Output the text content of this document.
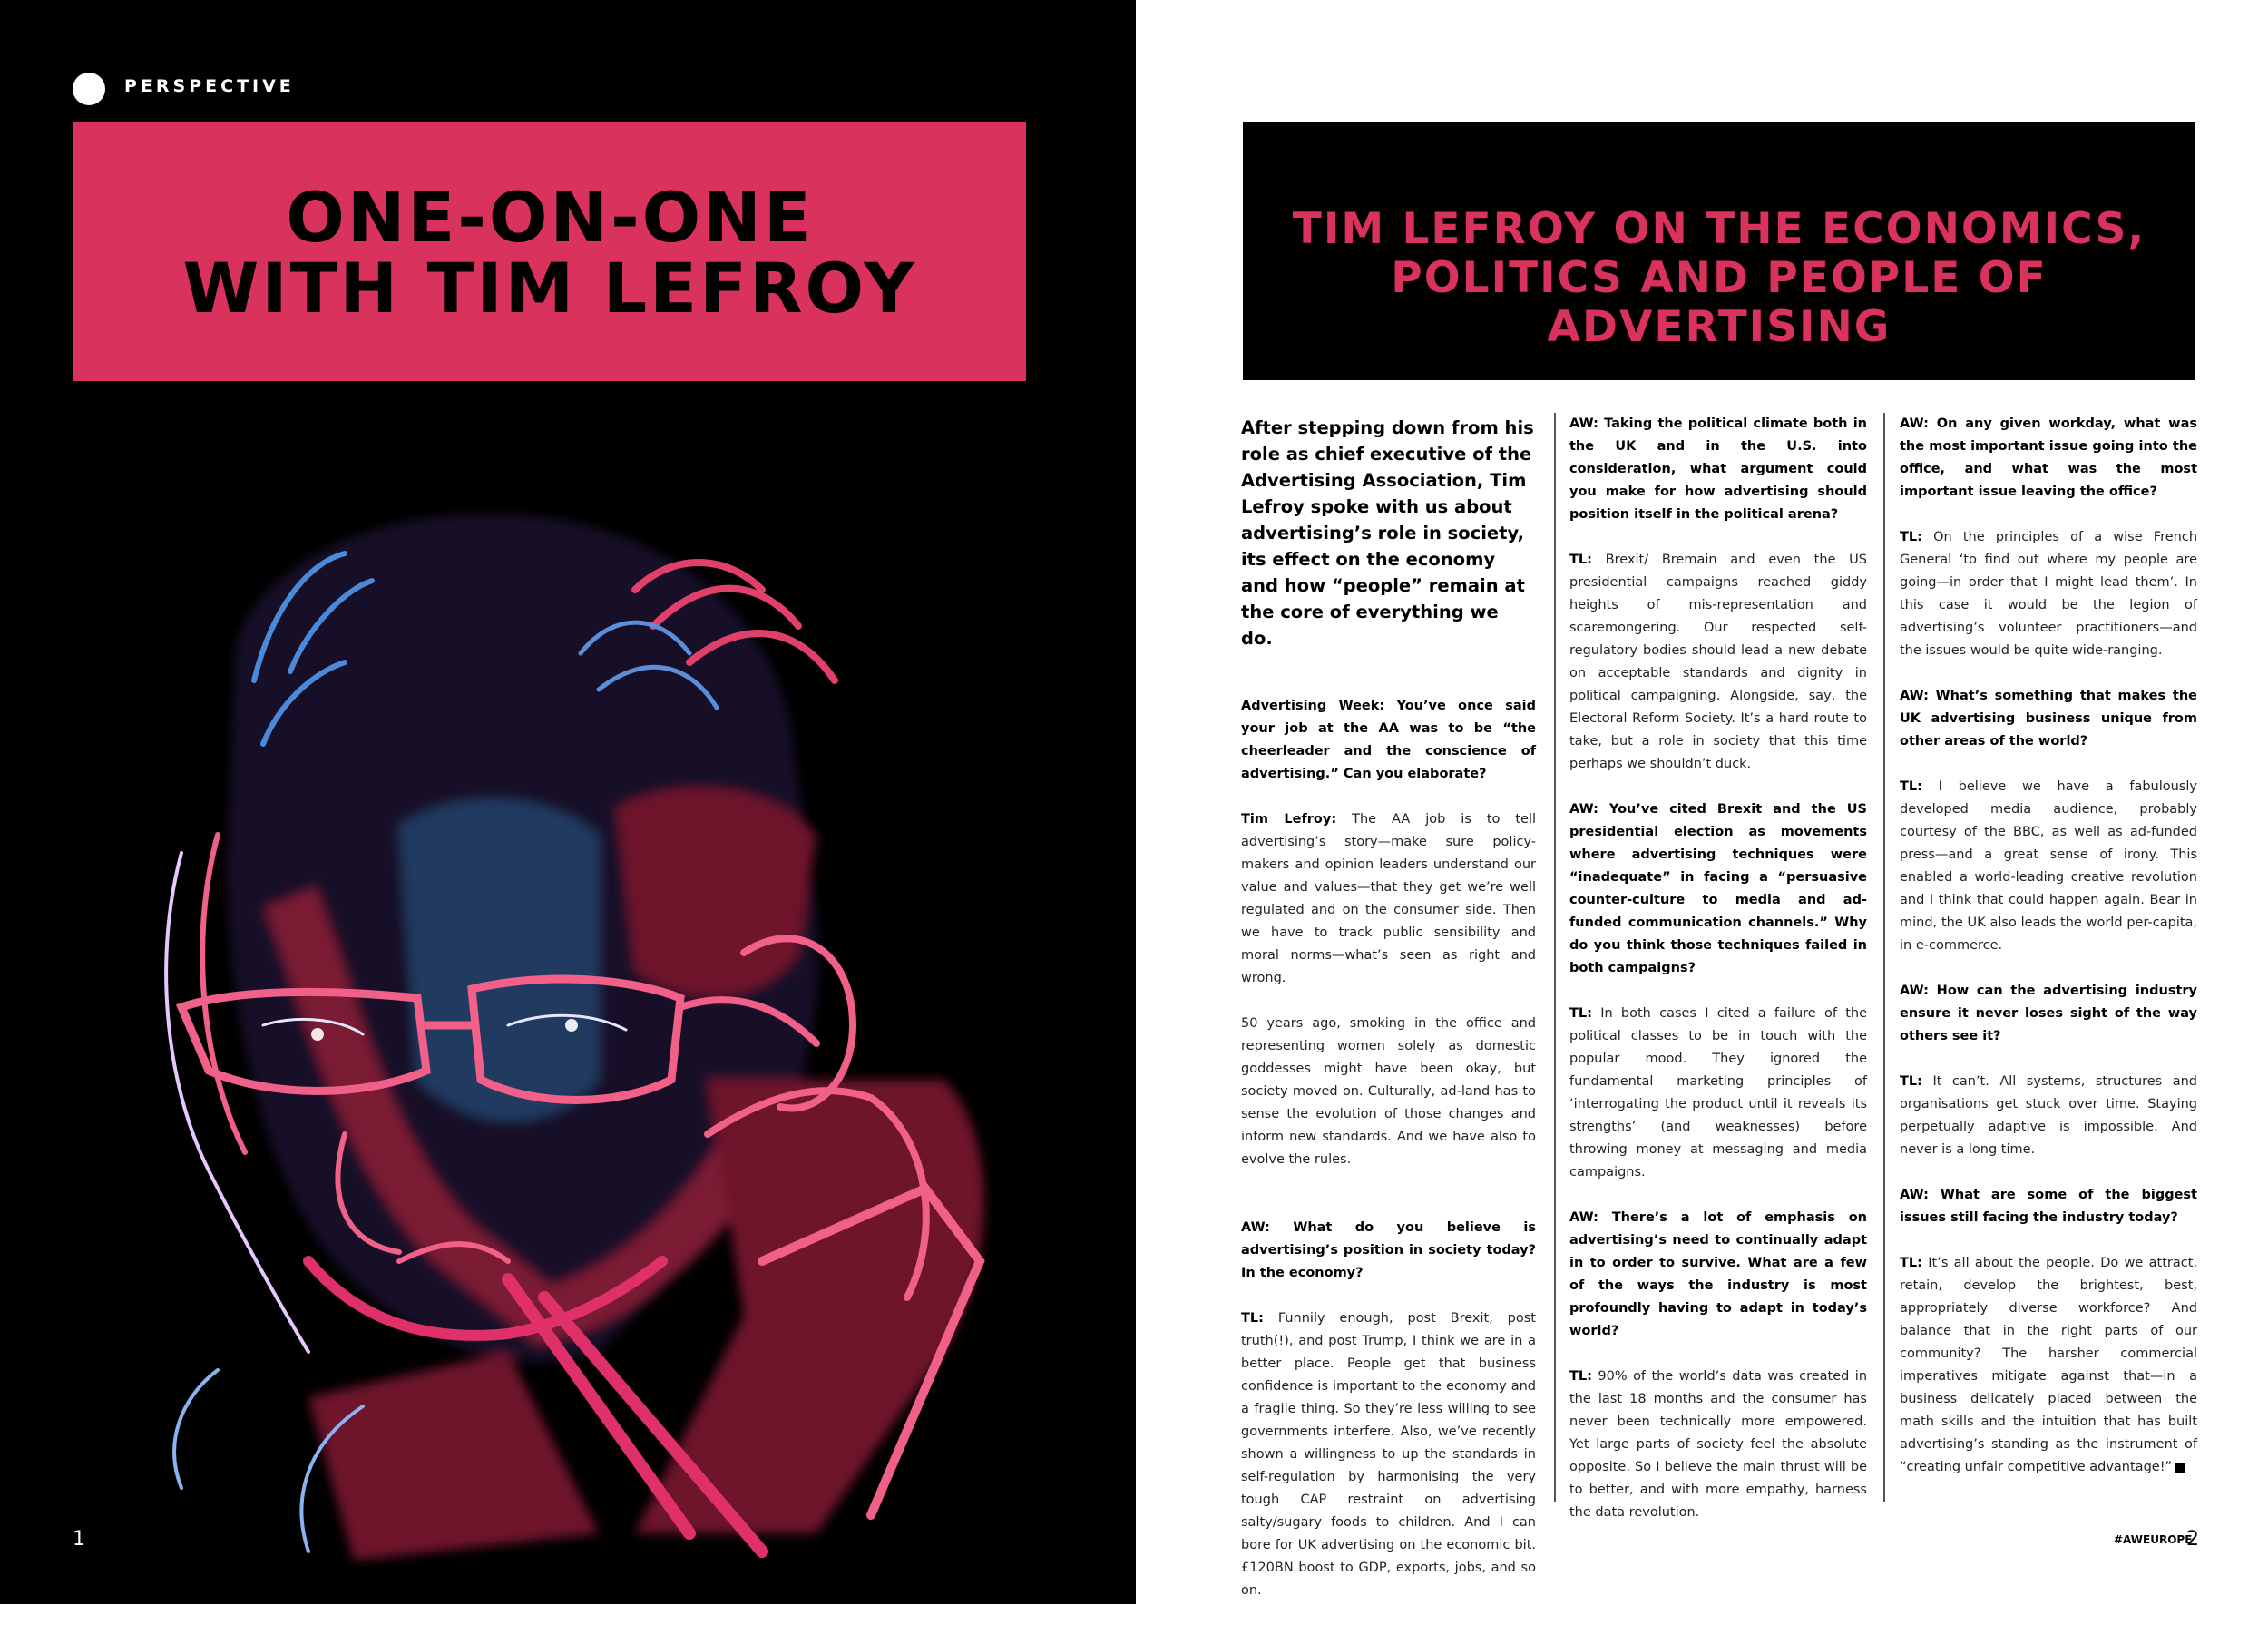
PERSPECTIVE
ONE-ON-ONE
WITH TIM LEFROY
1
TIM LEFROY ON THE ECONOMICS,
POLITICS AND PEOPLE OF ADVERTISING
After stepping down from his role as chief executive of the Advertising Association, Tim Lefroy spoke with us about advertising’s role in society, its effect on the economy and how “people” remain at the core of everything we do.

Advertising Week: You’ve once said your job at the AA was to be “the cheerleader and the conscience of advertising.” Can you elaborate?

Tim Lefroy: The AA job is to tell advertising’s story—make sure policy-makers and opinion leaders understand our value and values—that they get we’re well regulated and on the consumer side. Then we have to track public sensibility and moral norms—what’s seen as right and wrong.

50 years ago, smoking in the office and representing women solely as domestic goddesses might have been okay, but society moved on. Culturally, ad-land has to sense the evolution of those changes and inform new standards. And we have also to evolve the rules.

AW: What do you believe is advertising’s position in society today? In the economy?

TL: Funnily enough, post Brexit, post truth(!), and post Trump, I think we are in a better place. People get that business confidence is important to the economy and a fragile thing. So they’re less willing to see governments interfere. Also, we’ve recently shown a willingness to up the standards in self-regulation by harmonising the very tough CAP restraint on advertising salty/sugary foods to children. And I can bore for UK advertising on the economic bit. £120BN boost to GDP, exports, jobs, and so on.

AW: Taking the political climate both in the UK and in the U.S. into consideration, what argument could you make for how advertising should position itself in the political arena?

TL: Brexit/ Bremain and even the US presidential campaigns reached giddy heights of mis-representation and scaremongering. Our respected self-regulatory bodies should lead a new debate on acceptable standards and dignity in political campaigning. Alongside, say, the Electoral Reform Society. It’s a hard route to take, but a role in society that this time perhaps we shouldn’t duck.

AW: You’ve cited Brexit and the US presidential election as movements where advertising techniques were “inadequate” in facing a “persuasive counter-culture to media and ad-funded communication channels.” Why do you think those techniques failed in both campaigns?

TL: In both cases I cited a failure of the political classes to be in touch with the popular mood. They ignored the fundamental marketing principles of ‘interrogating the product until it reveals its strengths’ (and weaknesses) before throwing money at messaging and media campaigns.

AW: There’s a lot of emphasis on advertising’s need to continually adapt in to order to survive. What are a few of the ways the industry is most profoundly having to adapt in today’s world?

TL: 90% of the world’s data was created in the last 18 months and the consumer has never been technically more empowered. Yet large parts of society feel the absolute opposite. So I believe the main thrust will be to better, and with more empathy, harness the data revolution.

AW: On any given workday, what was the most important issue going into the office, and what was the most important issue leaving the office?

TL: On the principles of a wise French General ‘to find out where my people are going—in order that I might lead them’. In this case it would be the legion of advertising’s volunteer practitioners—and the issues would be quite wide-ranging.

AW: What’s something that makes the UK advertising business unique from other areas of the world?

TL: I believe we have a fabulously developed media audience, probably courtesy of the BBC, as well as ad-funded press—and a great sense of irony. This enabled a world-leading creative revolution and I think that could happen again. Bear in mind, the UK also leads the world per-capita, in e-commerce.

AW: How can the advertising industry ensure it never loses sight of the way others see it?

TL: It can’t. All systems, structures and organisations get stuck over time. Staying perpetually adaptive is impossible. And never is a long time.

AW: What are some of the biggest issues still facing the industry today?

TL: It’s all about the people. Do we attract, retain, develop the brightest, best, appropriately diverse workforce? And balance that in the right parts of our community? The harsher commercial imperatives mitigate against that—in a business delicately placed between the math skills and the intuition that has built advertising’s standing as the instrument of “creating unfair competitive advantage!”

#AWEUROPE
2
